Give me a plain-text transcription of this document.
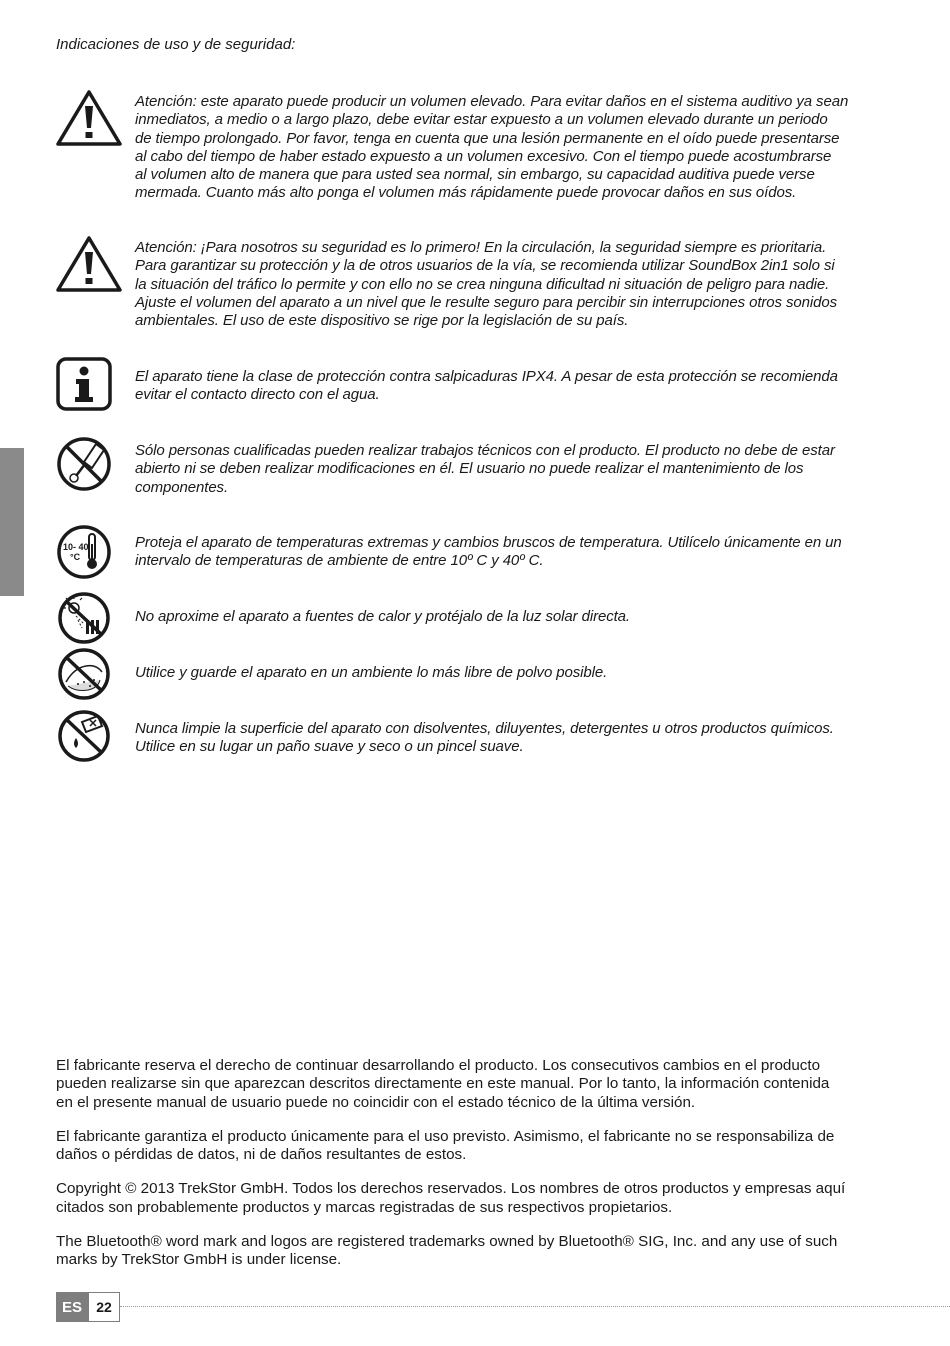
Indicaciones de uso y de seguridad:
Atención: este aparato puede producir un volumen elevado. Para evitar daños en el sistema auditivo ya sean
inmediatos, a medio o a largo plazo, debe evitar estar expuesto a un volumen elevado durante un periodo
de tiempo prolongado. Por favor, tenga en cuenta que una lesión permanente en el oído puede presentarse
al cabo del tiempo de haber estado expuesto a un volumen excesivo. Con el tiempo puede acostumbrarse
al volumen alto de manera que para usted sea normal, sin embargo, su capacidad auditiva puede verse
mermada. Cuanto más alto ponga el volumen más rápidamente puede provocar daños en sus oídos.
Atención: ¡Para nosotros su seguridad es lo primero! En la circulación, la seguridad siempre es prioritaria.
Para garantizar su protección y la de otros usuarios de la vía, se recomienda utilizar SoundBox 2in1 solo si
la situación del tráfico lo permite y con ello no se crea ninguna dificultad ni situación de peligro para nadie.
Ajuste el volumen del aparato a un nivel que le resulte seguro para percibir sin interrupciones otros sonidos
ambientales. El uso de este dispositivo se rige por la legislación de su país.
El aparato tiene la clase de protección contra salpicaduras IPX4. A pesar de esta protección se recomienda
evitar el contacto directo con el agua.
Sólo personas cualificadas pueden realizar trabajos técnicos con el producto. El producto no debe de estar
abierto ni se deben realizar modificaciones en él. El usuario no puede realizar el mantenimiento de los
componentes.
10- 40
°C
Proteja el aparato de temperaturas extremas y cambios bruscos de temperatura. Utilícelo únicamente en un
intervalo de temperaturas de ambiente de entre 10º C y 40º C.
No aproxime el aparato a fuentes de calor y protéjalo de la luz solar directa.
Utilice y guarde el aparato en un ambiente lo más libre de polvo posible.
Nunca limpie la superficie del aparato con disolventes, diluyentes, detergentes u otros productos químicos.
Utilice en su lugar un paño suave y seco o un pincel suave.

El fabricante reserva el derecho de continuar desarrollando el producto. Los consecutivos cambios en el producto
pueden realizarse sin que aparezcan descritos directamente en este manual. Por lo tanto, la información contenida
en el presente manual de usuario puede no coincidir con el estado técnico de la última versión.

El fabricante garantiza el producto únicamente para el uso previsto. Asimismo, el fabricante no se responsabiliza de
daños o pérdidas de datos, ni de daños resultantes de estos.

Copyright © 2013 TrekStor GmbH. Todos los derechos reservados. Los nombres de otros productos y empresas aquí
citados son probablemente productos y marcas registradas de sus respectivos propietarios.

The Bluetooth® word mark and logos are registered trademarks owned by Bluetooth® SIG, Inc. and any use of such
marks by TrekStor GmbH is under license.

ES	22
